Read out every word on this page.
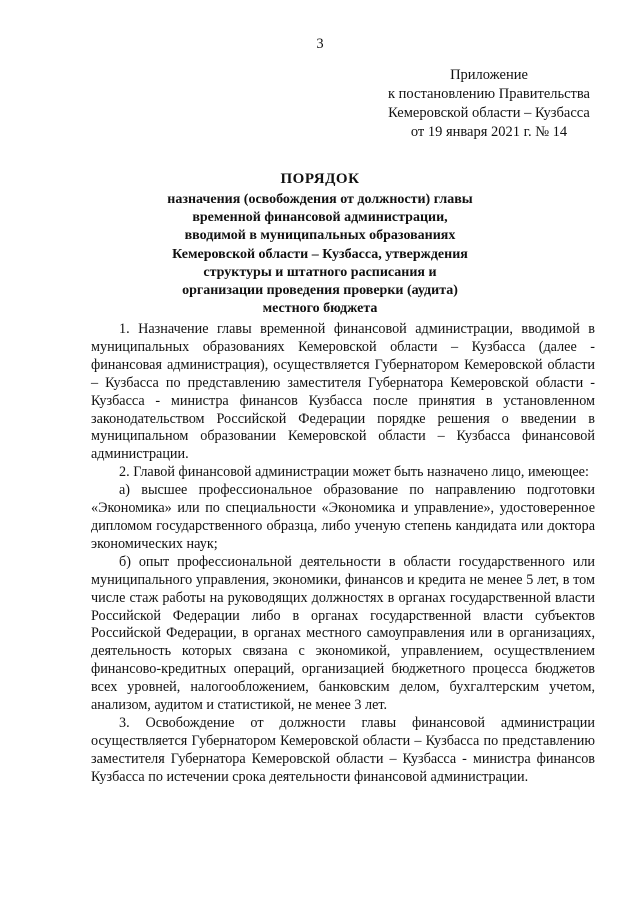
3
Приложение
к постановлению Правительства
Кемеровской области – Кузбасса
от 19 января 2021 г. № 14
ПОРЯДОК
назначения (освобождения от должности) главы
временной финансовой администрации,
вводимой в муниципальных образованиях
Кемеровской области – Кузбасса, утверждения
структуры и штатного расписания и
организации проведения проверки (аудита)
местного бюджета

1. Назначение главы временной финансовой администрации, вводимой в муниципальных образованиях Кемеровской области – Кузбасса (далее - финансовая администрация), осуществляется Губернатором Кемеровской области – Кузбасса по представлению заместителя Губернатора Кемеровской области - Кузбасса - министра финансов Кузбасса после принятия в установленном законодательством Российской Федерации порядке решения о введении в муниципальном образовании Кемеровской области – Кузбасса финансовой администрации.

2. Главой финансовой администрации может быть назначено лицо, имеющее:

а) высшее профессиональное образование по направлению подготовки «Экономика» или по специальности «Экономика и управление», удостоверенное дипломом государственного образца, либо ученую степень кандидата или доктора экономических наук;

б) опыт профессиональной деятельности в области государственного или муниципального управления, экономики, финансов и кредита не менее 5 лет, в том числе стаж работы на руководящих должностях в органах государственной власти Российской Федерации либо в органах государственной власти субъектов Российской Федерации, в органах местного самоуправления или в организациях, деятельность которых связана с экономикой, управлением, осуществлением финансово-кредитных операций, организацией бюджетного процесса бюджетов всех уровней, налогообложением, банковским делом, бухгалтерским учетом, анализом, аудитом и статистикой, не менее 3 лет.

3. Освобождение от должности главы финансовой администрации осуществляется Губернатором Кемеровской области – Кузбасса по представлению заместителя Губернатора Кемеровской области – Кузбасса - министра финансов Кузбасса по истечении срока деятельности финансовой администрации.
